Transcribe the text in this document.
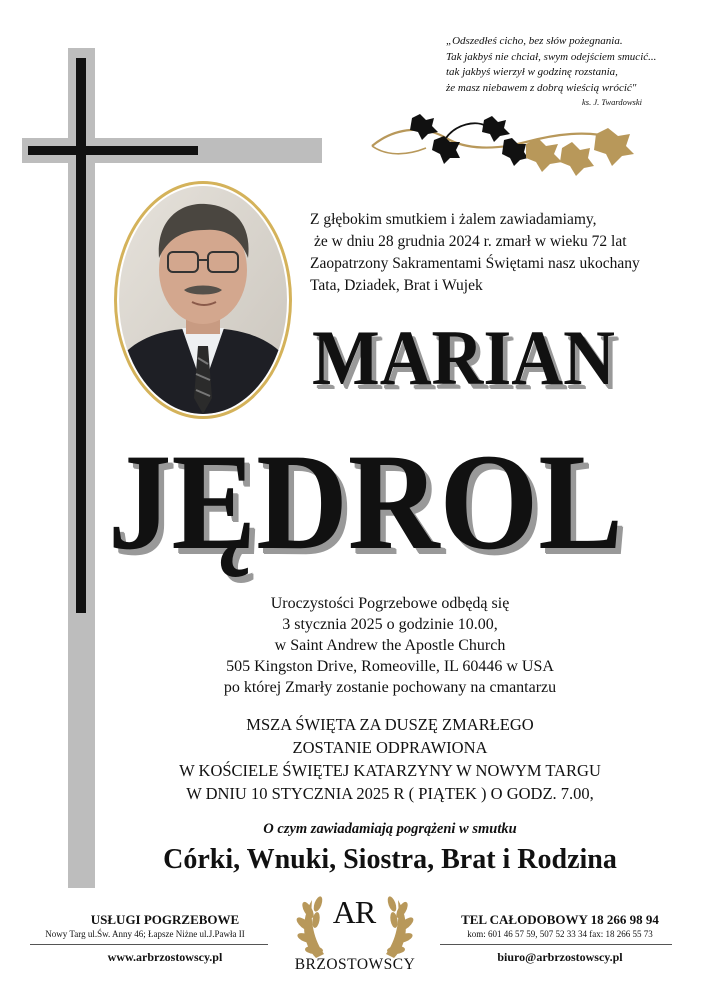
„Odszedłeś cicho, bez słów pożegnania.
Tak jakbyś nie chciał, swym odejściem smucić...
tak jakbyś wierzył w godzinę rozstania,
że masz niebawem z dobrą wieścią wrócić"
ks. J. Twardowski
Z głębokim smutkiem i żalem zawiadamiamy,
że w dniu 28 grudnia 2024 r. zmarł w wieku 72 lat
Zaopatrzony Sakramentami Świętami nasz ukochany
Tata, Dziadek, Brat i Wujek
MARIAN
JĘDROL
Uroczystości Pogrzebowe odbędą się
3 stycznia 2025 o godzinie 10.00,
w Saint Andrew the Apostle Church
505 Kingston Drive, Romeoville, IL 60446 w USA
po której Zmarły zostanie pochowany na cmantarzu
MSZA ŚWIĘTA ZA DUSZĘ ZMARŁEGO
ZOSTANIE ODPRAWIONA
W KOŚCIELE ŚWIĘTEJ KATARZYNY W NOWYM TARGU
W DNIU 10 STYCZNIA 2025 R ( PIĄTEK ) O GODZ. 7.00,
O czym zawiadamiają pogrążeni w smutku
Córki, Wnuki, Siostra, Brat i Rodzina
USŁUGI POGRZEBOWE
Nowy Targ ul.Św. Anny 46; Łapsze Niżne ul.J.Pawła II
www.arbrzostowscy.pl
AR
BRZOSTOWSCY
TEL CAŁODOBOWY 18 266 98 94
kom: 601 46 57 59, 507 52 33 34 fax: 18 266 55 73
biuro@arbrzostowscy.pl
